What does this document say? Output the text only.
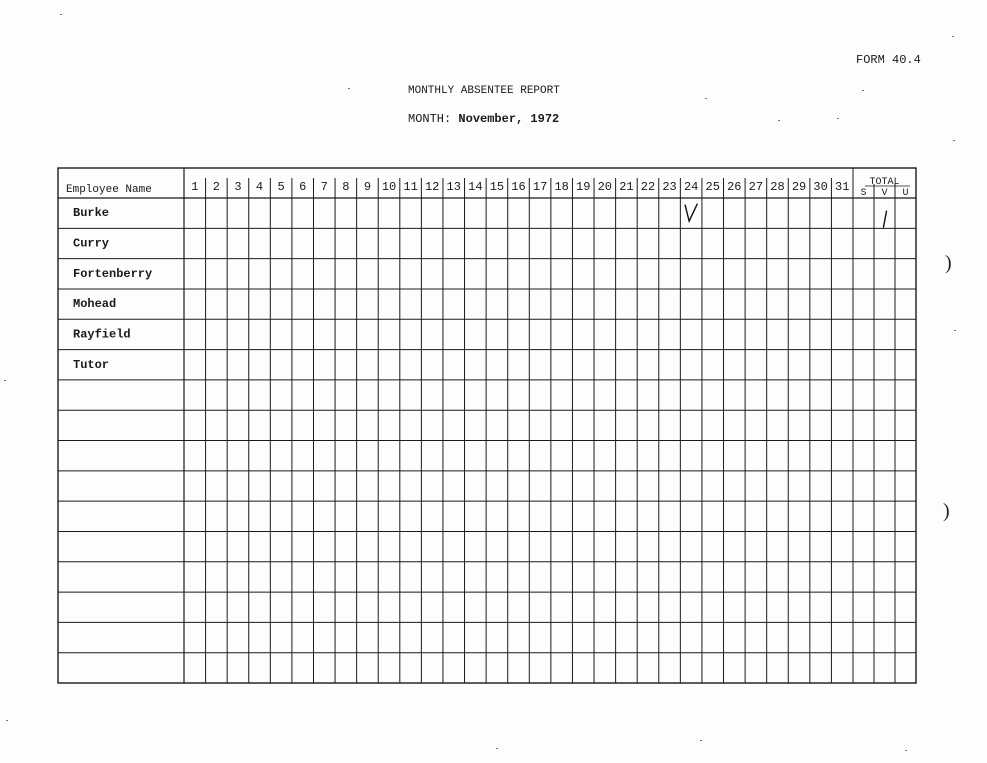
FORM 40.4
MONTHLY ABSENTEE REPORT
MONTH: November, 1972
Employee Name	1 2 3 4 5 6 7 8 9 10 11 12 13 14 15 16 17 18 19 20 21 22 23 24 25 26 27 28 29 30 31 TOTAL
S V U
Burke
Curry
Fortenberry
Mohead
Rayfield
Tutor
)
)
